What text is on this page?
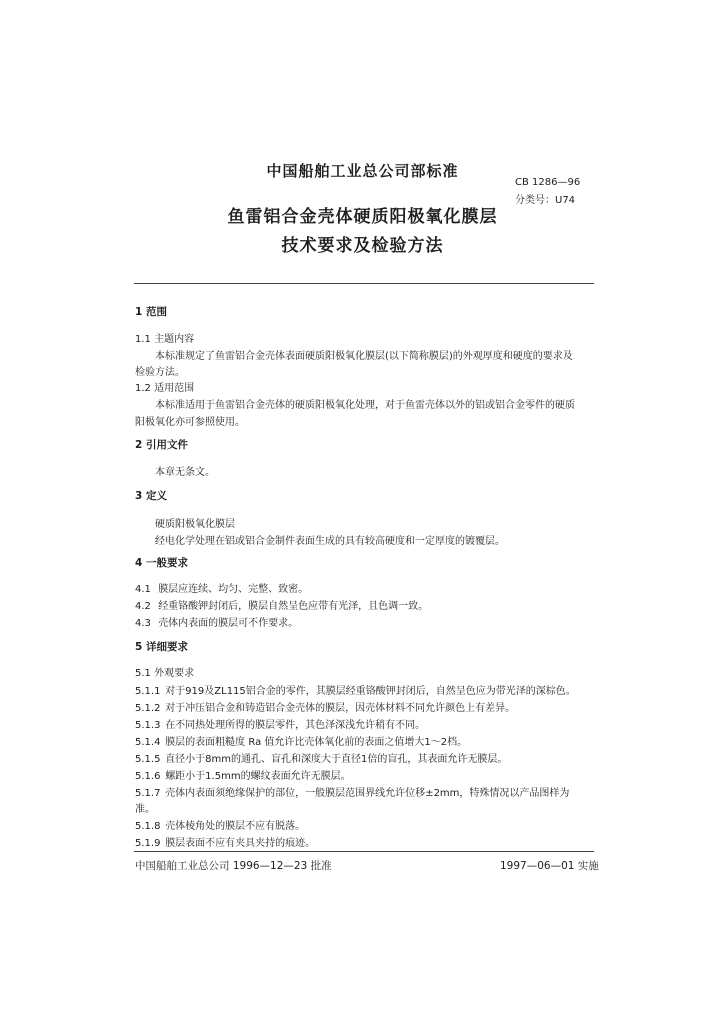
中国船舶工业总公司部标准
CB 1286—96
分类号：U74
鱼雷铝合金壳体硬质阳极氧化膜层
技术要求及检验方法
1 范围
1.1 主题内容
本标准规定了鱼雷铝合金壳体表面硬质阳极氧化膜层(以下简称膜层)的外观厚度和硬度的要求及
检验方法。
1.2 适用范围
本标准适用于鱼雷铝合金壳体的硬质阳极氧化处理，对于鱼雷壳体以外的铝或铝合金零件的硬质
阳极氧化亦可参照使用。
2 引用文件
本章无条文。
3 定义
硬质阳极氧化膜层
经电化学处理在铝或铝合金制件表面生成的具有较高硬度和一定厚度的镀覆层。
4 一般要求
4.1 膜层应连续、均匀、完整、致密。
4.2 经重铬酸钾封闭后，膜层自然呈色应带有光泽，且色调一致。
4.3 壳体内表面的膜层可不作要求。
5 详细要求
5.1 外观要求
5.1.1 对于919及ZL115铝合金的零件，其膜层经重铬酸钾封闭后，自然呈色应为带光泽的深棕色。
5.1.2 对于冲压铝合金和铸造铝合金壳体的膜层，因壳体材料不同允许颜色上有差异。
5.1.3 在不同热处理所得的膜层零件，其色泽深浅允许稍有不同。
5.1.4 膜层的表面粗糙度 Ra 值允许比壳体氧化前的表面之值增大1～2档。
5.1.5 直径小于8mm的通孔、盲孔和深度大于直径1倍的盲孔，其表面允许无膜层。
5.1.6 螺距小于1.5mm的螺纹表面允许无膜层。
5.1.7 壳体内表面须绝缘保护的部位，一般膜层范围界线允许位移±2mm，特殊情况以产品图样为
准。
5.1.8 壳体棱角处的膜层不应有脱落。
5.1.9 膜层表面不应有夹具夹持的痕迹。
中国船舶工业总公司 1996—12—23 批准	1997—06—01 实施
